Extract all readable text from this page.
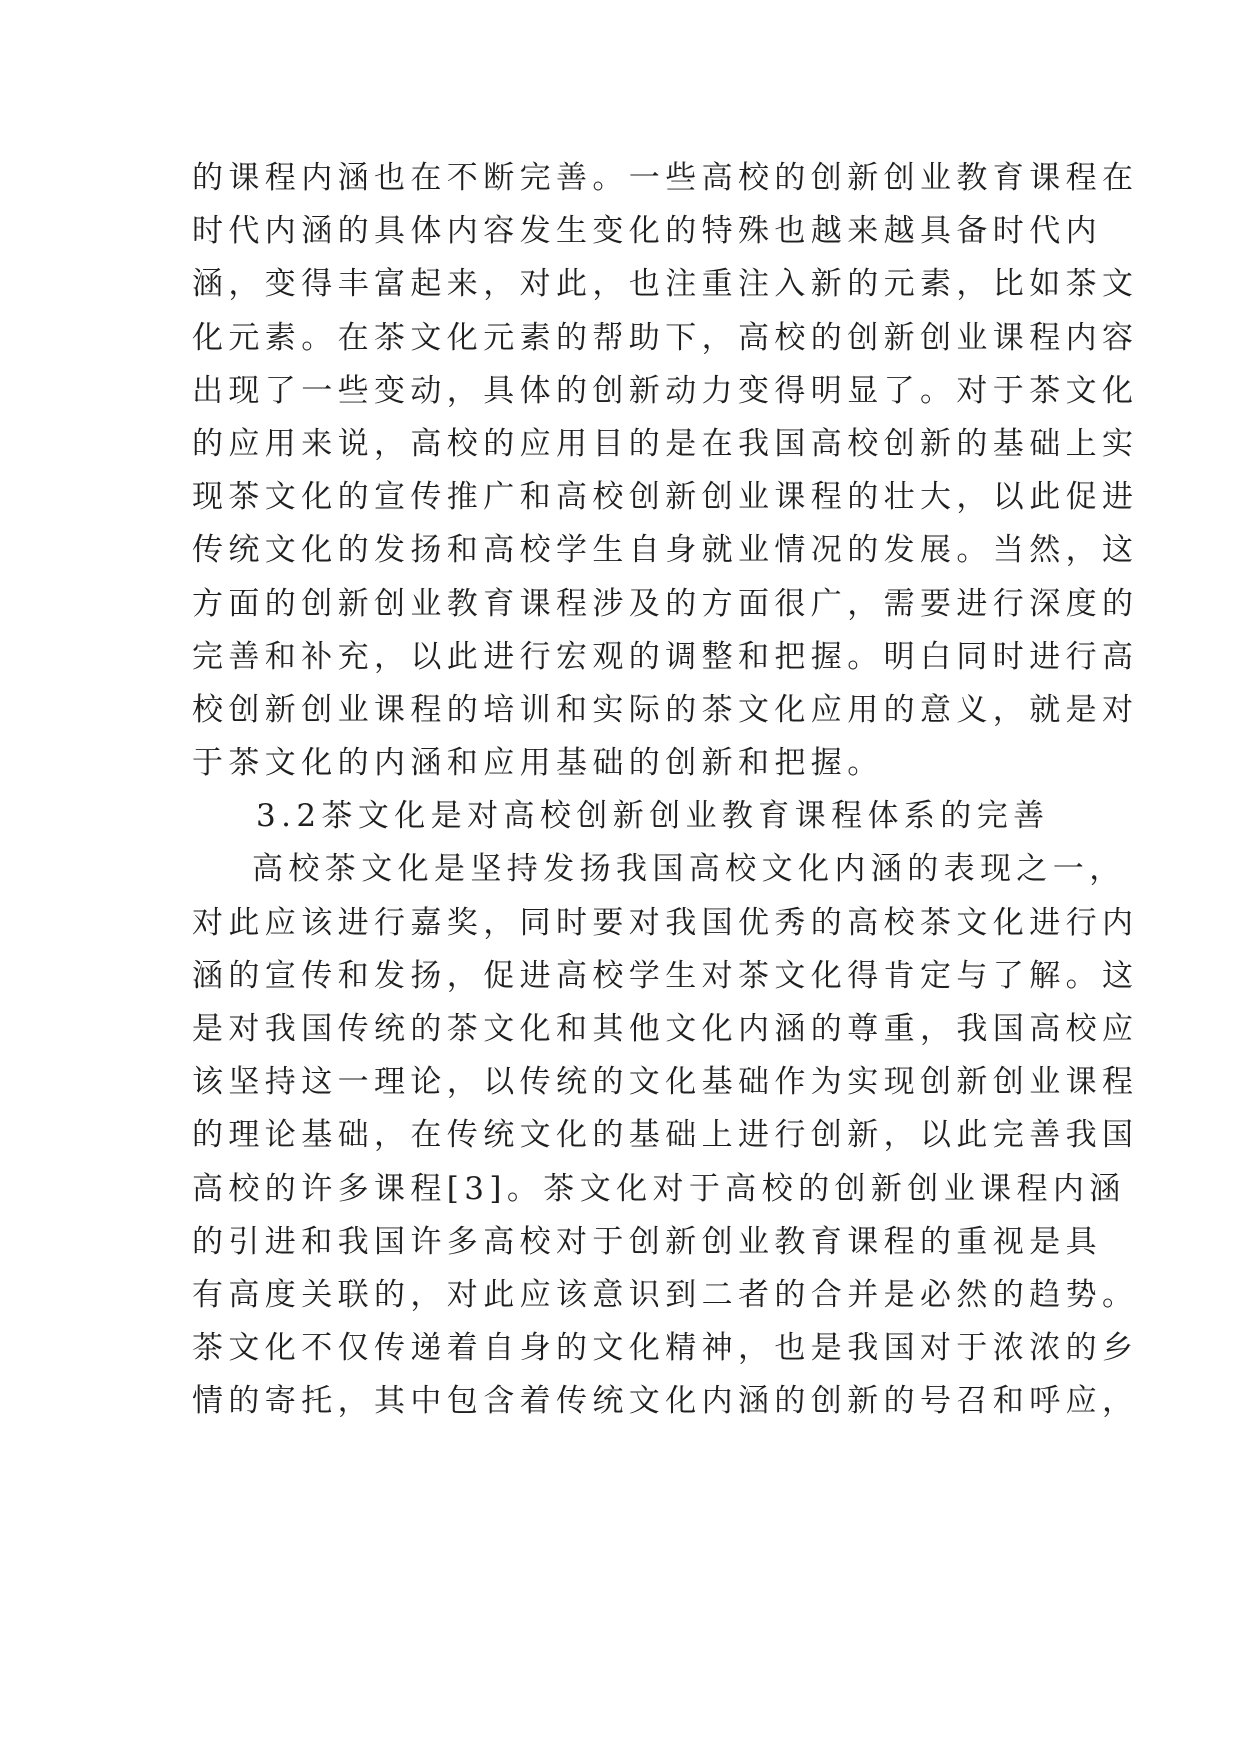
的课程内涵也在不断完善。一些高校的创新创业教育课程在
时代内涵的具体内容发生变化的特殊也越来越具备时代内
涵，变得丰富起来，对此，也注重注入新的元素，比如茶文
化元素。在茶文化元素的帮助下，高校的创新创业课程内容
出现了一些变动，具体的创新动力变得明显了。对于茶文化
的应用来说，高校的应用目的是在我国高校创新的基础上实
现茶文化的宣传推广和高校创新创业课程的壮大，以此促进
传统文化的发扬和高校学生自身就业情况的发展。当然，这
方面的创新创业教育课程涉及的方面很广，需要进行深度的
完善和补充，以此进行宏观的调整和把握。明白同时进行高
校创新创业课程的培训和实际的茶文化应用的意义，就是对
于茶文化的内涵和应用基础的创新和把握。
3.2茶文化是对高校创新创业教育课程体系的完善
高校茶文化是坚持发扬我国高校文化内涵的表现之一，
对此应该进行嘉奖，同时要对我国优秀的高校茶文化进行内
涵的宣传和发扬，促进高校学生对茶文化得肯定与了解。这
是对我国传统的茶文化和其他文化内涵的尊重，我国高校应
该坚持这一理论，以传统的文化基础作为实现创新创业课程
的理论基础，在传统文化的基础上进行创新，以此完善我国
高校的许多课程[3]。茶文化对于高校的创新创业课程内涵
的引进和我国许多高校对于创新创业教育课程的重视是具
有高度关联的，对此应该意识到二者的合并是必然的趋势。
茶文化不仅传递着自身的文化精神，也是我国对于浓浓的乡
情的寄托，其中包含着传统文化内涵的创新的号召和呼应，
